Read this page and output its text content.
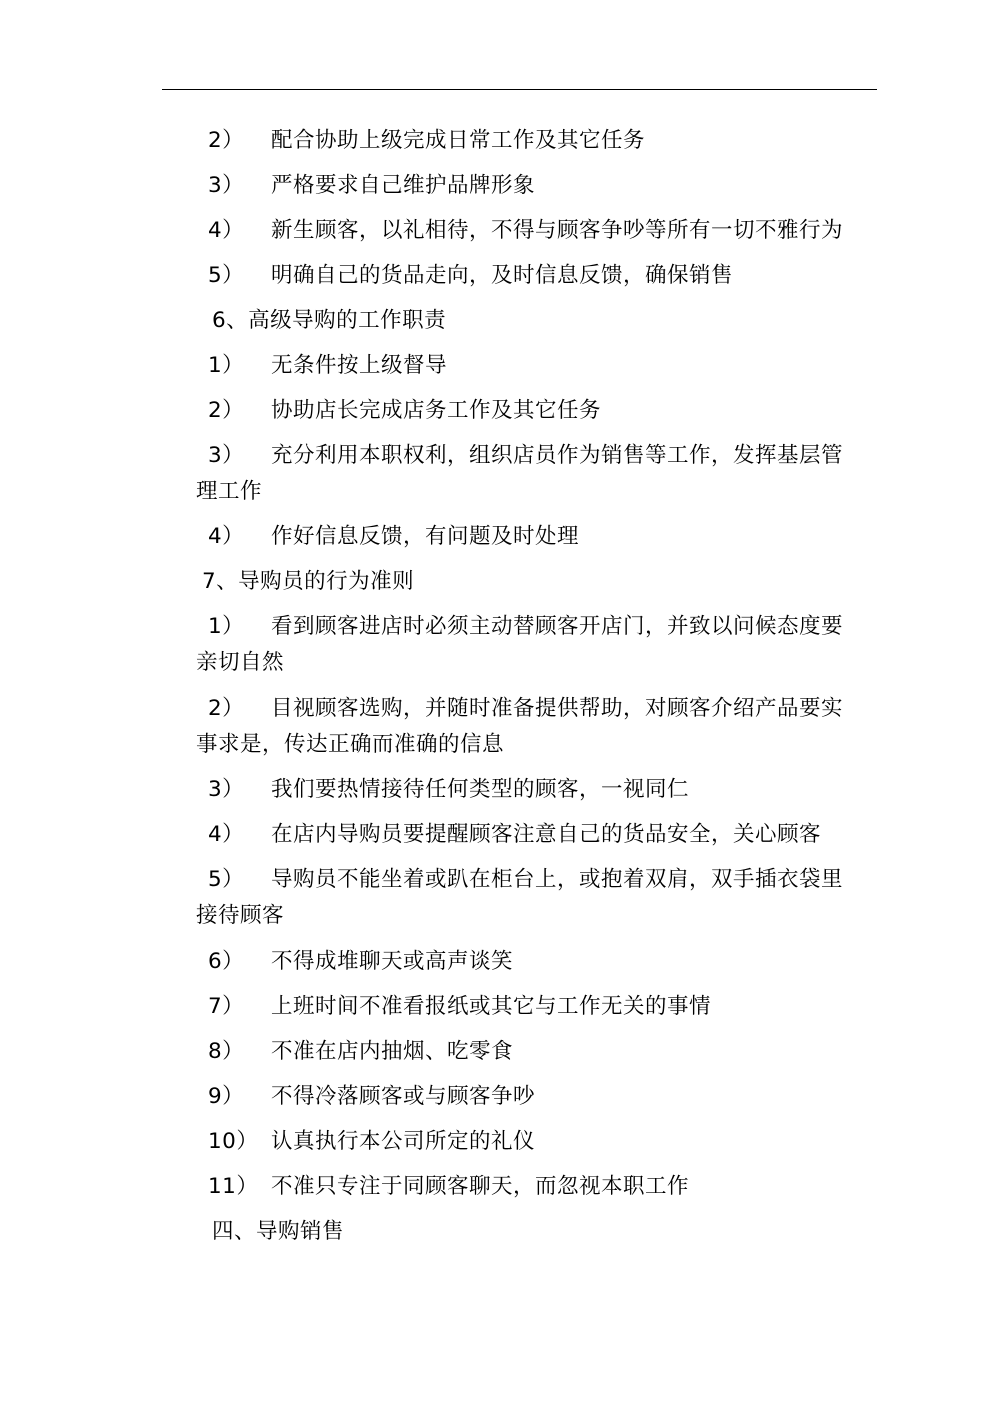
2） 配合协助上级完成日常工作及其它任务
3） 严格要求自己维护品牌形象
4） 新生顾客，以礼相待，不得与顾客争吵等所有一切不雅行为
5） 明确自己的货品走向，及时信息反馈，确保销售
6、高级导购的工作职责
1） 无条件按上级督导
2） 协助店长完成店务工作及其它任务
3） 充分利用本职权利，组织店员作为销售等工作，发挥基层管
理工作
4） 作好信息反馈，有问题及时处理
7、导购员的行为准则
1） 看到顾客进店时必须主动替顾客开店门，并致以问候态度要
亲切自然
2） 目视顾客选购，并随时准备提供帮助，对顾客介绍产品要实
事求是，传达正确而准确的信息
3） 我们要热情接待任何类型的顾客，一视同仁
4） 在店内导购员要提醒顾客注意自己的货品安全，关心顾客
5） 导购员不能坐着或趴在柜台上，或抱着双肩，双手插衣袋里
接待顾客
6） 不得成堆聊天或高声谈笑
7） 上班时间不准看报纸或其它与工作无关的事情
8） 不准在店内抽烟、吃零食
9） 不得冷落顾客或与顾客争吵
10） 认真执行本公司所定的礼仪
11） 不准只专注于同顾客聊天，而忽视本职工作
四、导购销售
